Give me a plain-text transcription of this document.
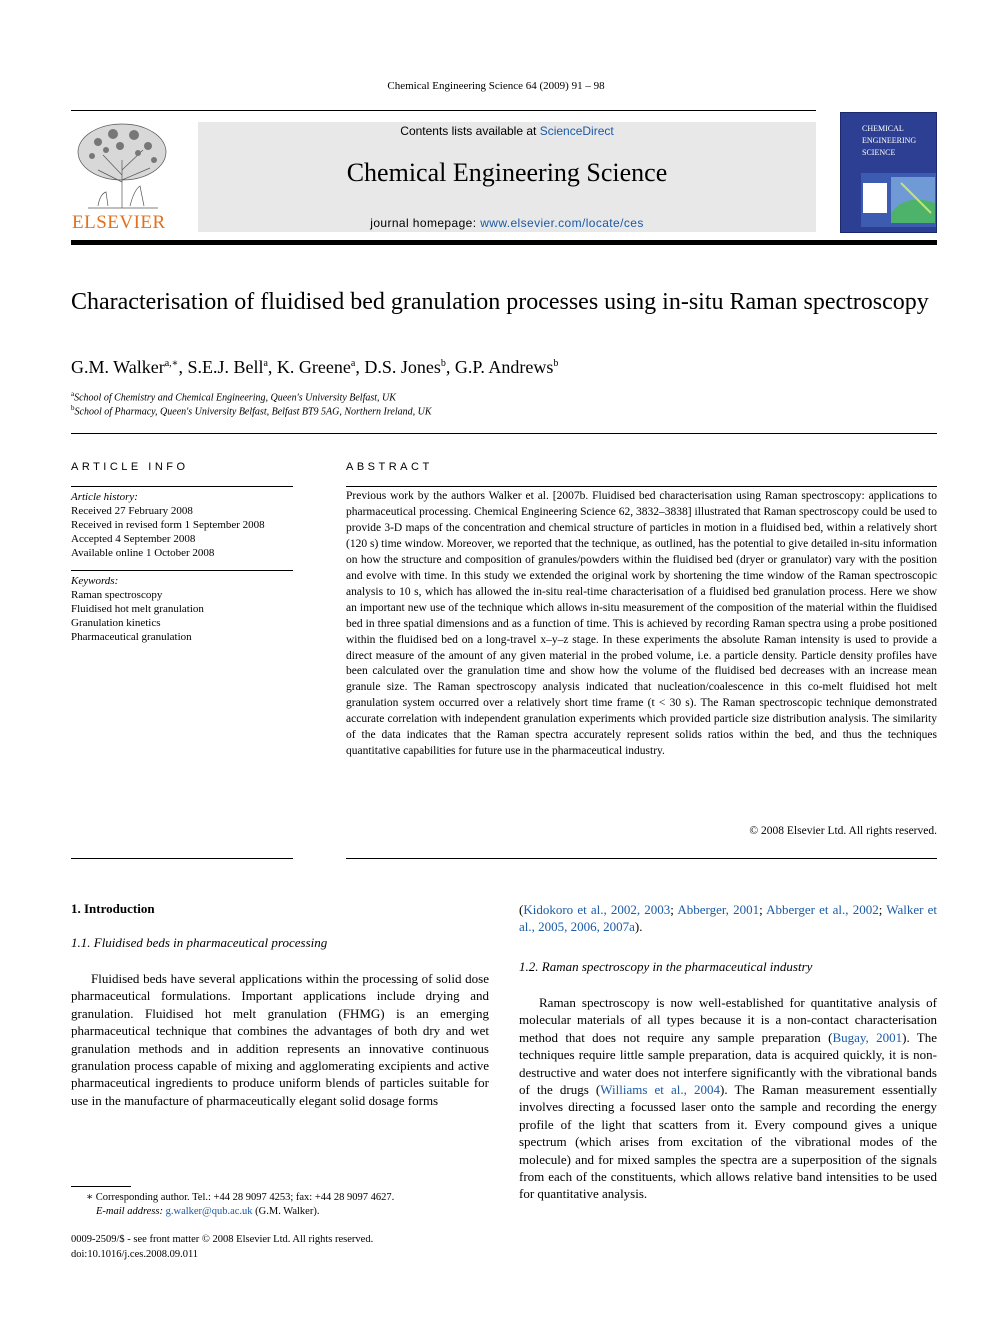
Chemical Engineering Science 64 (2009) 91 – 98
ELSEVIER
Contents lists available at ScienceDirect
Chemical Engineering Science
journal homepage: www.elsevier.com/locate/ces
CHEMICAL
ENGINEERING
SCIENCE
Characterisation of fluidised bed granulation processes using in-situ Raman spectroscopy
G.M. Walker$^{a,∗}$, S.E.J. Bell$^a$, K. Greene$^a$, D.S. Jones$^b$, G.P. Andrews$^b$
$^a$School of Chemistry and Chemical Engineering, Queen's University Belfast, UK
$^b$School of Pharmacy, Queen's University Belfast, Belfast BT9 5AG, Northern Ireland, UK
ARTICLE INFO
Article history:
Received 27 February 2008
Received in revised form 1 September 2008
Accepted 4 September 2008
Available online 1 October 2008
Keywords:
Raman spectroscopy
Fluidised hot melt granulation
Granulation kinetics
Pharmaceutical granulation
ABSTRACT
Previous work by the authors Walker et al. [2007b. Fluidised bed characterisation using Raman spectroscopy: applications to pharmaceutical processing. Chemical Engineering Science 62, 3832–3838] illustrated that Raman spectroscopy could be used to provide 3-D maps of the concentration and chemical structure of particles in motion in a fluidised bed, within a relatively short (120 s) time window. Moreover, we reported that the technique, as outlined, has the potential to give detailed in-situ information on how the structure and composition of granules/powders within the fluidised bed (dryer or granulator) vary with the position and evolve with time. In this study we extended the original work by shortening the time window of the Raman spectroscopic analysis to 10 s, which has allowed the in-situ real-time characterisation of a fluidised bed granulation process. Here we show an important new use of the technique which allows in-situ measurement of the composition of the material within the fluidised bed in three spatial dimensions and as a function of time. This is achieved by recording Raman spectra using a probe positioned within the fluidised bed on a long-travel x–y–z stage. In these experiments the absolute Raman intensity is used to provide a direct measure of the amount of any given material in the probed volume, i.e. a particle density. Particle density profiles have been calculated over the granulation time and show how the volume of the fluidised bed decreases with an increase mean granule size. The Raman spectroscopy analysis indicated that nucleation/coalescence in this co-melt fluidised hot melt granulation system occurred over a relatively short time frame (t < 30 s). The Raman spectroscopic technique demonstrated accurate correlation with independent granulation experiments which provided particle size distribution analysis. The similarity of the data indicates that the Raman spectra accurately represent solids ratios within the bed, and thus the techniques quantitative capabilities for future use in the pharmaceutical industry.
© 2008 Elsevier Ltd. All rights reserved.
1. Introduction
1.1. Fluidised beds in pharmaceutical processing
Fluidised beds have several applications within the processing of solid dose pharmaceutical formulations. Important applications include drying and granulation. Fluidised hot melt granulation (FHMG) is an emerging pharmaceutical technique that combines the advantages of both dry and wet granulation methods and in addition represents an innovative continuous granulation process capable of mixing and agglomerating excipients and active pharmaceutical ingredients to produce uniform blends of particles suitable for use in the manufacture of pharmaceutically elegant solid dosage forms
(Kidokoro et al., 2002, 2003; Abberger, 2001; Abberger et al., 2002; Walker et al., 2005, 2006, 2007a).
1.2. Raman spectroscopy in the pharmaceutical industry
Raman spectroscopy is now well-established for quantitative analysis of molecular materials of all types because it is a non-contact characterisation method that does not require any sample preparation (Bugay, 2001). The techniques require little sample preparation, data is acquired quickly, it is non-destructive and water does not interfere significantly with the vibrational bands of the drugs (Williams et al., 2004). The Raman measurement essentially involves directing a focussed laser onto the sample and recording the energy profile of the light that scatters from it. Every compound gives a unique spectrum (which arises from excitation of the vibrational modes of the molecule) and for mixed samples the spectra are a superposition of the signals from each of the constituents, which allows relative band intensities to be used for quantitative analysis.
∗ Corresponding author. Tel.: +44 28 9097 4253; fax: +44 28 9097 4627.
E-mail address: g.walker@qub.ac.uk (G.M. Walker).
0009-2509/$ - see front matter © 2008 Elsevier Ltd. All rights reserved.
doi:10.1016/j.ces.2008.09.011
